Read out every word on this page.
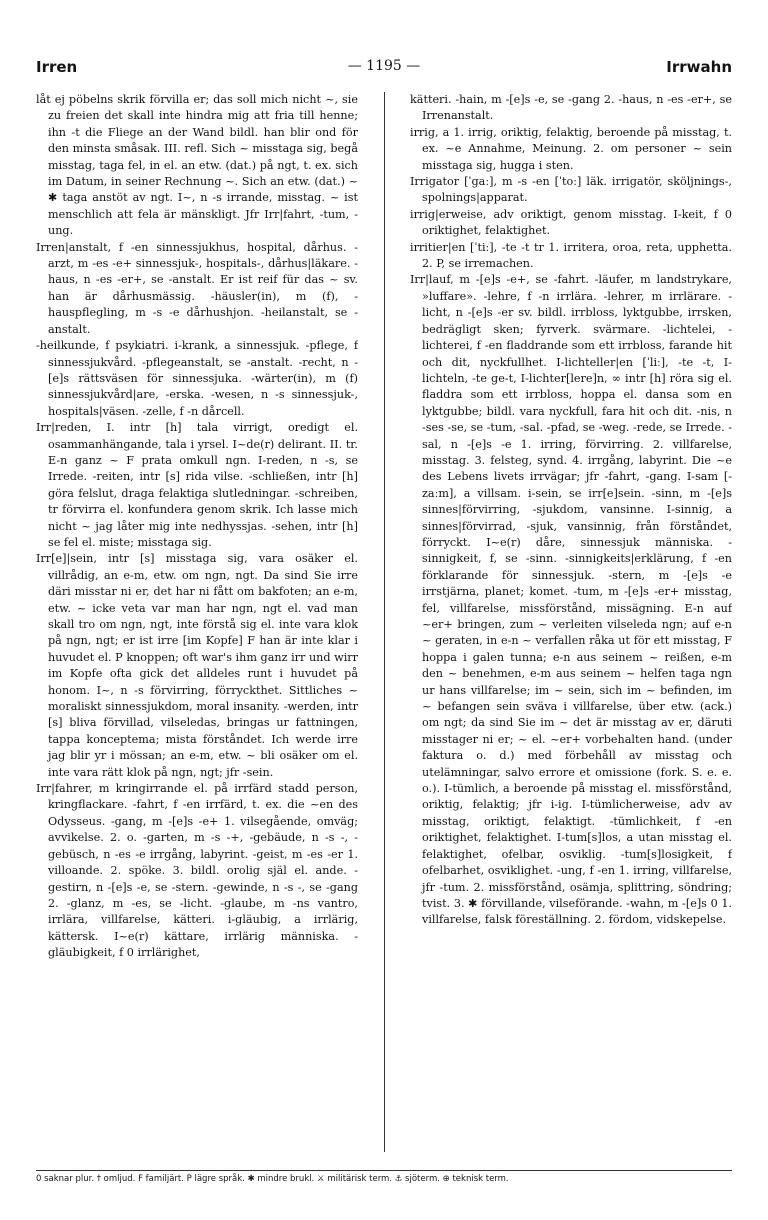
Irren	— 1195 —	Irrwahn

låt ej pöbelns skrik förvilla er; das soll mich nicht ~, sie zu freien det skall inte hindra mig att fria till henne; ihn -t die Fliege an der Wand bildl. han blir ond för den minsta småsak. III. refl. Sich ~ misstaga sig, begå misstag, taga fel, in el. an etw. (dat.) på ngt, t. ex. sich im Datum, in seiner Rechnung ~. Sich an etw. (dat.) ~ ✱ taga anstöt av ngt. I~, n -s irrande, misstag. ~ ist menschlich att fela är mänskligt. Jfr Irr|fahrt, -tum, -ung.

Irren|anstalt, f -en sinnessjukhus, hospital, dårhus. -arzt, m -es -e+ sinnessjuk-, hospitals-, dårhus|läkare. -haus, n -es -er+, se -anstalt. Er ist reif für das ~ sv. han är dårhusmässig. -häusler(in), m (f), -hauspflegling, m -s -e dårhushjon. -heilanstalt, se -anstalt.

-heilkunde, f psykiatri. i-krank, a sinnessjuk. -pflege, f sinnessjukvård. -pflegeanstalt, se -anstalt. -recht, n -[e]s rättsväsen för sinnessjuka. -wärter(in), m (f) sinnessjukvård|are, -erska. -wesen, n -s sinnessjuk-, hospitals|väsen. -zelle, f -n dårcell.

Irr|reden, I. intr [h] tala virrigt, oredigt el. osammanhängande, tala i yrsel. I~de(r) delirant. II. tr. E-n ganz ~ F prata omkull ngn. I-reden, n -s, se Irrede. -reiten, intr [s] rida vilse. -schließen, intr [h] göra felslut, draga felaktiga slutledningar. -schreiben, tr förvirra el. konfundera genom skrik. Ich lasse mich nicht ~ jag låter mig inte nedhyssjas. -sehen, intr [h] se fel el. miste; misstaga sig.

Irr[e]|sein, intr [s] misstaga sig, vara osäker el. villrådig, an e-m, etw. om ngn, ngt. Da sind Sie irre däri misstar ni er, det har ni fått om bakfoten; an e-m, etw. ~ icke veta var man har ngn, ngt el. vad man skall tro om ngn, ngt, inte förstå sig el. inte vara klok på ngn, ngt; er ist irre [im Kopfe] F han är inte klar i huvudet el. P knoppen; oft war's ihm ganz irr und wirr im Kopfe ofta gick det alldeles runt i huvudet på honom. I~, n -s förvirring, förryckthet. Sittliches ~ moraliskt sinnessjukdom, moral insanity. -werden, intr [s] bliva förvillad, vilseledas, bringas ur fattningen, tappa konceptema; mista förståndet. Ich werde irre jag blir yr i mössan; an e-m, etw. ~ bli osäker om el. inte vara rätt klok på ngn, ngt; jfr -sein.

Irr|fahrer, m kringirrande el. på irrfärd stadd person, kringflackare. -fahrt, f -en irrfärd, t. ex. die ~en des Odysseus. -gang, m -[e]s -e+ 1. vilsegående, omväg; avvikelse. 2. o. -garten, m -s -+, -gebäude, n -s -, -gebüsch, n -es -e irrgång, labyrint. -geist, m -es -er 1. villoande. 2. spöke. 3. bildl. orolig själ el. ande. -gestirn, n -[e]s -e, se -stern. -gewinde, n -s -, se -gang 2. -glanz, m -es, se -licht. -glaube, m -ns vantro, irrlära, villfarelse, kätteri. i-gläubig, a irrlärig, kättersk. I~e(r) kättare, irrlärig människa. -gläubigkeit, f 0 irrlärighet,

kätteri. -hain, m -[e]s -e, se -gang 2. -haus, n -es -er+, se Irrenanstalt.

irrig, a 1. irrig, oriktig, felaktig, beroende på misstag, t. ex. ~e Annahme, Meinung. 2. om personer ~ sein misstaga sig, hugga i sten.

Irrigator [ˈgaː], m -s -en [ˈtoː] läk. irrigatör, sköljnings-, spolnings|apparat.

irrig|erweise, adv oriktigt, genom misstag. I-keit, f 0 oriktighet, felaktighet.

irritier|en [ˈtiː], -te -t tr 1. irritera, oroa, reta, upphetta. 2. P, se irremachen.

Irr|lauf, m -[e]s -e+, se -fahrt. -läufer, m landstrykare, »luffare». -lehre, f -n irrlära. -lehrer, m irrlärare. -licht, n -[e]s -er sv. bildl. irrbloss, lyktgubbe, irrsken, bedrägligt sken; fyrverk. svärmare. -lichtelei, -lichterei, f -en fladdrande som ett irrbloss, farande hit och dit, nyckfullhet. I-lichteller|en [ˈliː], -te -t, I-lichteln, -te ge-t, I-lichter[lere]n, ∞ intr [h] röra sig el. fladdra som ett irrbloss, hoppa el. dansa som en lyktgubbe; bildl. vara nyckfull, fara hit och dit. -nis, n -ses -se, se -tum, -sal. -pfad, se -weg. -rede, se Irrede. -sal, n -[e]s -e 1. irring, förvirring. 2. villfarelse, misstag. 3. felsteg, synd. 4. irrgång, labyrint. Die ~e des Lebens livets irrvägar; jfr -fahrt, -gang. I-sam [-zaːm], a villsam. i-sein, se irr[e]sein. -sinn, m -[e]s sinnes|förvirring, -sjukdom, vansinne. I-sinnig, a sinnes|förvirrad, -sjuk, vansinnig, från förståndet, förryckt. I~e(r) dåre, sinnessjuk människa. -sinnigkeit, f, se -sinn. -sinnigkeits|erklärung, f -en förklarande för sinnessjuk. -stern, m -[e]s -e irrstjärna, planet; komet. -tum, m -[e]s -er+ misstag, fel, villfarelse, missförstånd, missägning. E-n auf ~er+ bringen, zum ~ verleiten vilseleda ngn; auf e-n ~ geraten, in e-n ~ verfallen råka ut för ett misstag, F hoppa i galen tunna; e-n aus seinem ~ reißen, e-m den ~ benehmen, e-m aus seinem ~ helfen taga ngn ur hans villfarelse; im ~ sein, sich im ~ befinden, im ~ befangen sein sväva i villfarelse, über etw. (ack.) om ngt; da sind Sie im ~ det är misstag av er, däruti misstager ni er; ~ el. ~er+ vorbehalten hand. (under faktura o. d.) med förbehåll av misstag och utelämningar, salvo errore et omissione (fork. S. e. e. o.). I-tümlich, a beroende på misstag el. missförstånd, oriktig, felaktig; jfr i-ig. I-tümlicherweise, adv av misstag, oriktigt, felaktigt. -tümlichkeit, f -en oriktighet, felaktighet. I-tum[s]los, a utan misstag el. felaktighet, ofelbar, osviklig. -tum[s]losigkeit, f ofelbarhet, osviklighet. -ung, f -en 1. irring, villfarelse, jfr -tum. 2. missförstånd, osämja, splittring, söndring; tvist. 3. ✱ förvillande, vilseförande. -wahn, m -[e]s 0 1. villfarelse, falsk föreställning. 2. fördom, vidskepelse.

0 saknar plur. † omljud. F familjärt. P lägre språk. ✱ mindre brukl. ⚔ militärisk term. ⚓ sjöterm. ⊕ teknisk term.
